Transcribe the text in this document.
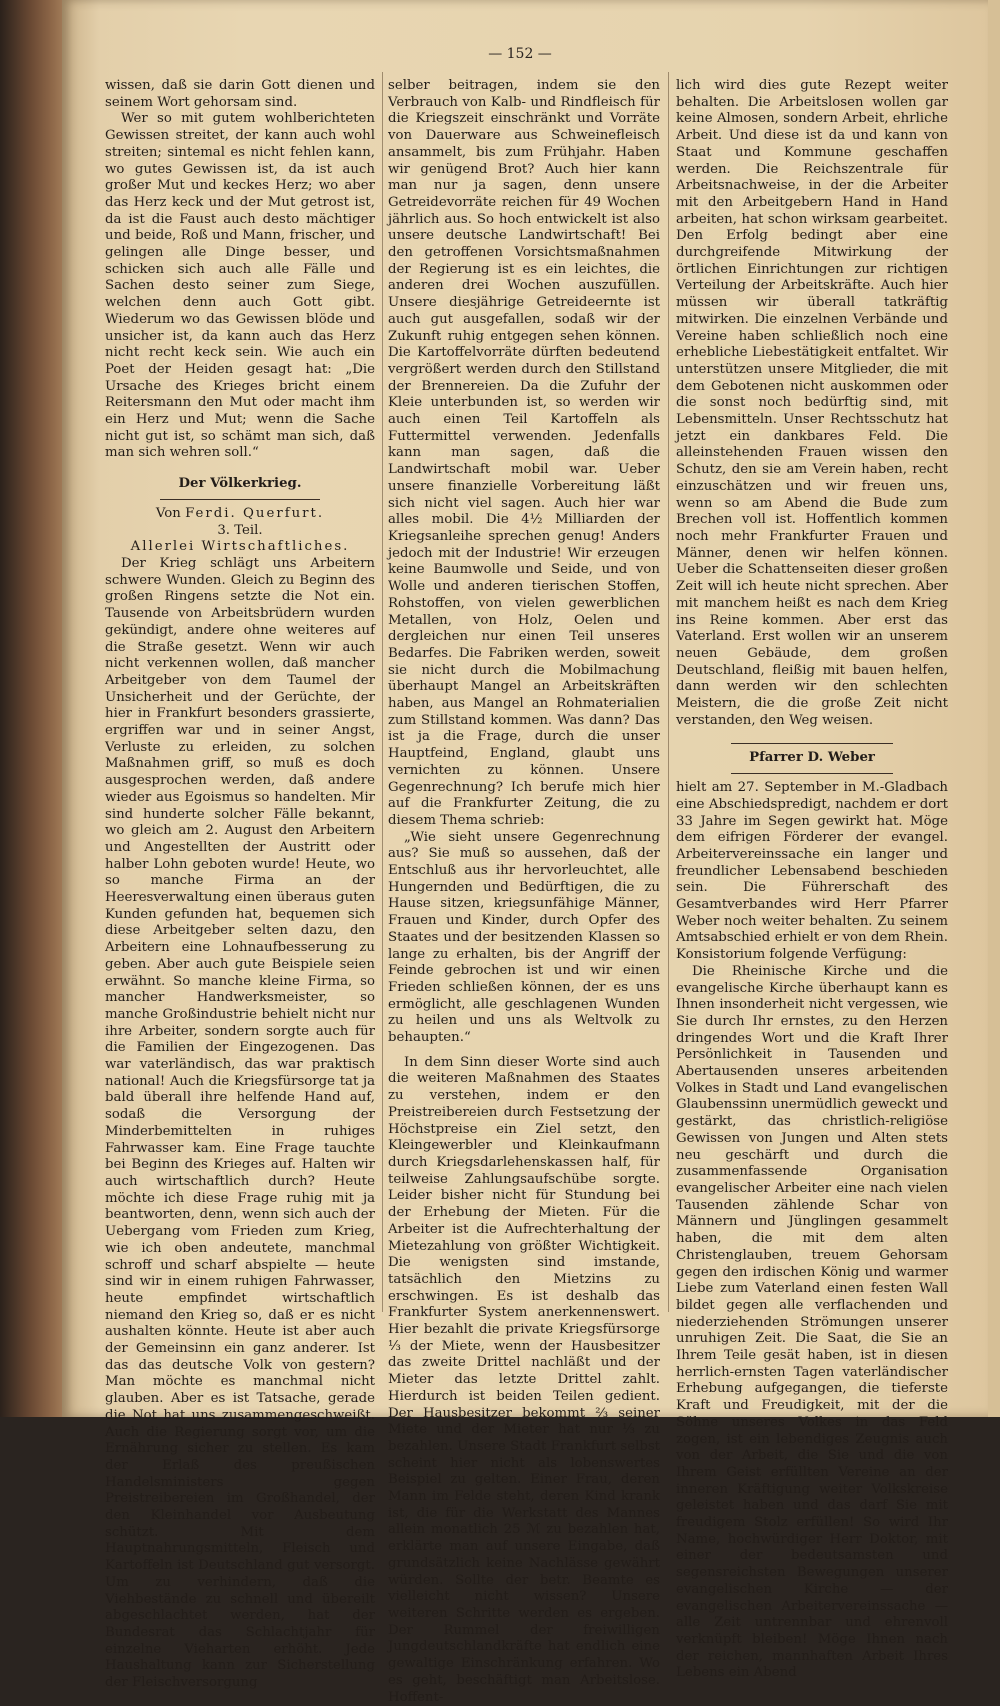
— 152 —

wissen, daß sie darin Gott dienen und seinem Wort gehorsam sind.

Wer so mit gutem wohlberichteten Gewissen streitet, der kann auch wohl streiten; sintemal es nicht fehlen kann, wo gutes Gewissen ist, da ist auch großer Mut und keckes Herz; wo aber das Herz keck und der Mut getrost ist, da ist die Faust auch desto mächtiger und beide, Roß und Mann, frischer, und gelingen alle Dinge besser, und schicken sich auch alle Fälle und Sachen desto seiner zum Siege, welchen denn auch Gott gibt. Wiederum wo das Gewissen blöde und unsicher ist, da kann auch das Herz nicht recht keck sein. Wie auch ein Poet der Heiden gesagt hat: „Die Ursache des Krieges bricht einem Reitersmann den Mut oder macht ihm ein Herz und Mut; wenn die Sache nicht gut ist, so schämt man sich, daß man sich wehren soll.“

Der Völkerkrieg.

Von Ferdi. Querfurt.

3. Teil.

Allerlei Wirtschaftliches.

Der Krieg schlägt uns Arbeitern schwere Wunden. Gleich zu Beginn des großen Ringens setzte die Not ein. Tausende von Arbeitsbrüdern wurden gekündigt, andere ohne weiteres auf die Straße gesetzt. Wenn wir auch nicht verkennen wollen, daß mancher Arbeitgeber von dem Taumel der Unsicherheit und der Gerüchte, der hier in Frankfurt besonders grassierte, ergriffen war und in seiner Angst, Verluste zu erleiden, zu solchen Maßnahmen griff, so muß es doch ausgesprochen werden, daß andere wieder aus Egoismus so handelten. Mir sind hunderte solcher Fälle bekannt, wo gleich am 2. August den Arbeitern und Angestellten der Austritt oder halber Lohn geboten wurde! Heute, wo so manche Firma an der Heeresverwaltung einen überaus guten Kunden gefunden hat, bequemen sich diese Arbeitgeber selten dazu, den Arbeitern eine Lohnaufbesserung zu geben. Aber auch gute Beispiele seien erwähnt. So manche kleine Firma, so mancher Handwerksmeister, so manche Großindustrie behielt nicht nur ihre Arbeiter, sondern sorgte auch für die Familien der Eingezogenen. Das war vaterländisch, das war praktisch national! Auch die Kriegsfürsorge tat ja bald überall ihre helfende Hand auf, sodaß die Versorgung der Minderbemittelten in ruhiges Fahrwasser kam. Eine Frage tauchte bei Beginn des Krieges auf. Halten wir auch wirtschaftlich durch? Heute möchte ich diese Frage ruhig mit ja beantworten, denn, wenn sich auch der Uebergang vom Frieden zum Krieg, wie ich oben andeutete, manchmal schroff und scharf abspielte — heute sind wir in einem ruhigen Fahrwasser, heute empfindet wirtschaftlich niemand den Krieg so, daß er es nicht aushalten könnte. Heute ist aber auch der Gemeinsinn ein ganz anderer. Ist das das deutsche Volk von gestern? Man möchte es manchmal nicht glauben. Aber es ist Tatsache, gerade die Not hat uns zusammengeschweißt. Auch die Regierung sorgt vor, um die Ernährung sicher zu stellen. Es kam der Erlaß des preußischen Handelsministers gegen Preistreibereien im Großhandel, der den Kleinhandel vor Ausbeutung schützt. Mit dem Hauptnahrungsmitteln, Fleisch und Kartoffeln ist Deutschland gut versorgt. Um zu verhindern, daß die Viehbestände zu schnell und übereilt abgeschlachtet werden, hat der Bundesrat das Schlachtjahr für einzelne Vieharten erhöht. Jede Haushaltung kann zur Sicherstellung der Fleischversorgung

selber beitragen, indem sie den Verbrauch von Kalb- und Rindfleisch für die Kriegszeit einschränkt und Vorräte von Dauerware aus Schweinefleisch ansammelt, bis zum Frühjahr. Haben wir genügend Brot? Auch hier kann man nur ja sagen, denn unsere Getreidevorräte reichen für 49 Wochen jährlich aus. So hoch entwickelt ist also unsere deutsche Landwirtschaft! Bei den getroffenen Vorsichtsmaßnahmen der Regierung ist es ein leichtes, die anderen drei Wochen auszufüllen. Unsere diesjährige Getreideernte ist auch gut ausgefallen, sodaß wir der Zukunft ruhig entgegen sehen können. Die Kartoffelvorräte dürften bedeutend vergrößert werden durch den Stillstand der Brennereien. Da die Zufuhr der Kleie unterbunden ist, so werden wir auch einen Teil Kartoffeln als Futtermittel verwenden. Jedenfalls kann man sagen, daß die Landwirtschaft mobil war. Ueber unsere finanzielle Vorbereitung läßt sich nicht viel sagen. Auch hier war alles mobil. Die 4½ Milliarden der Kriegsanleihe sprechen genug! Anders jedoch mit der Industrie! Wir erzeugen keine Baumwolle und Seide, und von Wolle und anderen tierischen Stoffen, Rohstoffen, von vielen gewerblichen Metallen, von Holz, Oelen und dergleichen nur einen Teil unseres Bedarfes. Die Fabriken werden, soweit sie nicht durch die Mobilmachung überhaupt Mangel an Arbeitskräften haben, aus Mangel an Rohmaterialien zum Stillstand kommen. Was dann? Das ist ja die Frage, durch die unser Hauptfeind, England, glaubt uns vernichten zu können. Unsere Gegenrechnung? Ich berufe mich hier auf die Frankfurter Zeitung, die zu diesem Thema schrieb:

„Wie sieht unsere Gegenrechnung aus? Sie muß so aussehen, daß der Entschluß aus ihr hervorleuchtet, alle Hungernden und Bedürftigen, die zu Hause sitzen, kriegsunfähige Männer, Frauen und Kinder, durch Opfer des Staates und der besitzenden Klassen so lange zu erhalten, bis der Angriff der Feinde gebrochen ist und wir einen Frieden schließen können, der es uns ermöglicht, alle geschlagenen Wunden zu heilen und uns als Weltvolk zu behaupten.“

In dem Sinn dieser Worte sind auch die weiteren Maßnahmen des Staates zu verstehen, indem er den Preistreibereien durch Festsetzung der Höchstpreise ein Ziel setzt, den Kleingewerbler und Kleinkaufmann durch Kriegsdarlehenskassen half, für teilweise Zahlungsaufschübe sorgte. Leider bisher nicht für Stundung bei der Erhebung der Mieten. Für die Arbeiter ist die Aufrechterhaltung der Mietezahlung von größter Wichtigkeit. Die wenigsten sind imstande, tatsächlich den Mietzins zu erschwingen. Es ist deshalb das Frankfurter System anerkennenswert. Hier bezahlt die private Kriegsfürsorge ⅓ der Miete, wenn der Hausbesitzer das zweite Drittel nachläßt und der Mieter das letzte Drittel zahlt. Hierdurch ist beiden Teilen gedient. Der Hausbesitzer bekommt ⅔ seiner Miete und der Mieter hat nur ⅓ zu bezahlen. Unsere Stadt Frankfurt selbst scheint hier nicht als lobenswertes Beispiel zu gelten. Einer Frau, deren Mann im Felde steht, deren Kind krank ist, die für die Werkstatt des Mannes allein monatlich 25 ℳ zu bezahlen hat, erklärte man auf unsere Eingabe, daß grundsätzlich keine Nachlässe gewährt würden. Sollte der betr. Beamte es vielleicht nicht wissen? Unsere weiteren Schritte werden es ergeben. Der Rummel der freiwilligen Jungdeutschlandkräfte hat endlich eine gewaltige Einschränkung erfahren. Wo es geht, beschäftigt man Arbeitslose. Hoffent-

lich wird dies gute Rezept weiter behalten. Die Arbeitslosen wollen gar keine Almosen, sondern Arbeit, ehrliche Arbeit. Und diese ist da und kann von Staat und Kommune geschaffen werden. Die Reichszentrale für Arbeitsnachweise, in der die Arbeiter mit den Arbeitgebern Hand in Hand arbeiten, hat schon wirksam gearbeitet. Den Erfolg bedingt aber eine durchgreifende Mitwirkung der örtlichen Einrichtungen zur richtigen Verteilung der Arbeitskräfte. Auch hier müssen wir überall tatkräftig mitwirken. Die einzelnen Verbände und Vereine haben schließlich noch eine erhebliche Liebestätigkeit entfaltet. Wir unterstützen unsere Mitglieder, die mit dem Gebotenen nicht auskommen oder die sonst noch bedürftig sind, mit Lebensmitteln. Unser Rechtsschutz hat jetzt ein dankbares Feld. Die alleinstehenden Frauen wissen den Schutz, den sie am Verein haben, recht einzuschätzen und wir freuen uns, wenn so am Abend die Bude zum Brechen voll ist. Hoffentlich kommen noch mehr Frankfurter Frauen und Männer, denen wir helfen können. Ueber die Schattenseiten dieser großen Zeit will ich heute nicht sprechen. Aber mit manchem heißt es nach dem Krieg ins Reine kommen. Aber erst das Vaterland. Erst wollen wir an unserem neuen Gebäude, dem großen Deutschland, fleißig mit bauen helfen, dann werden wir den schlechten Meistern, die die große Zeit nicht verstanden, den Weg weisen.

Pfarrer D. Weber

hielt am 27. September in M.-Gladbach eine Abschiedspredigt, nachdem er dort 33 Jahre im Segen gewirkt hat. Möge dem eifrigen Förderer der evangel. Arbeitervereinssache ein langer und freundlicher Lebensabend beschieden sein. Die Führerschaft des Gesamtverbandes wird Herr Pfarrer Weber noch weiter behalten. Zu seinem Amtsabschied erhielt er von dem Rhein. Konsistorium folgende Verfügung:

Die Rheinische Kirche und die evangelische Kirche überhaupt kann es Ihnen insonderheit nicht vergessen, wie Sie durch Ihr ernstes, zu den Herzen dringendes Wort und die Kraft Ihrer Persönlichkeit in Tausenden und Abertausenden unseres arbeitenden Volkes in Stadt und Land evangelischen Glaubenssinn unermüdlich geweckt und gestärkt, das christlich-religiöse Gewissen von Jungen und Alten stets neu geschärft und durch die zusammenfassende Organisation evangelischer Arbeiter eine nach vielen Tausenden zählende Schar von Männern und Jünglingen gesammelt haben, die mit dem alten Christenglauben, treuem Gehorsam gegen den irdischen König und warmer Liebe zum Vaterland einen festen Wall bildet gegen alle verflachenden und niederziehenden Strömungen unserer unruhigen Zeit. Die Saat, die Sie an Ihrem Teile gesät haben, ist in diesen herrlich-ernsten Tagen vaterländischer Erhebung aufgegangen, die tieferste Kraft und Freudigkeit, mit der die Söhne unseres Volkes in das Feld zogen, ist ein lebendiges Zeugnis auch von der Arbeit, die Sie und die von Ihrem Geist erfüllten Vereine an der inneren Kräftigung weiter Volkskreise geleistet haben und das darf Sie mit freudigem Stolz erfüllen! So wird Ihr Name, hochwürdiger Herr Doktor, mit einer der bedeutsamsten und segensreichsten Bewegungen unserer evangelischen Kirche — der evangelischen Arbeitervereinssache — alle Zeit untrennbar und ehrenvoll verknüpft bleiben! Möge Ihnen nach der reichen, mannhaften Arbeit Ihres Lebens ein Abend
